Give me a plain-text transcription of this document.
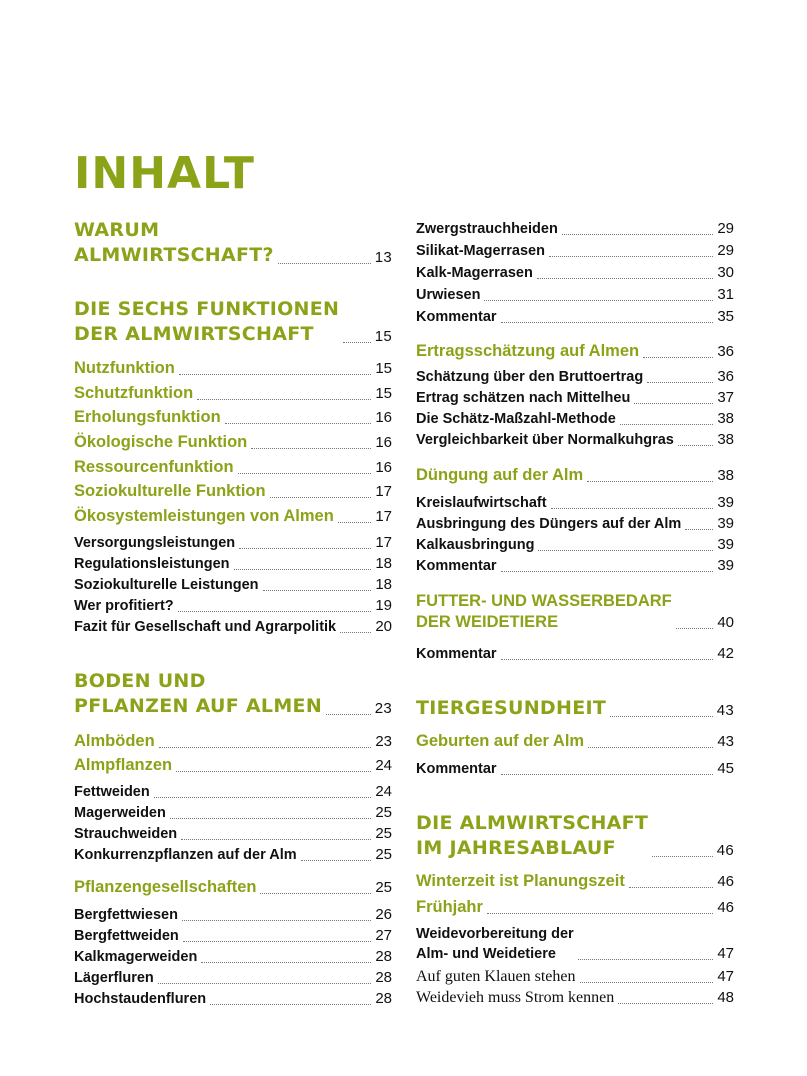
INHALT
WARUM
ALMWIRTSCHAFT?	13
DIE SECHS FUNKTIONEN
DER ALMWIRTSCHAFT	15
Nutzfunktion	15
Schutzfunktion	15
Erholungsfunktion	16
Ökologische Funktion	16
Ressourcenfunktion	16
Soziokulturelle Funktion	17
Ökosystemleistungen von Almen	17
Versorgungsleistungen	17
Regulationsleistungen	18
Soziokulturelle Leistungen	18
Wer profitiert?	19
Fazit für Gesellschaft und Agrarpolitik	20
BODEN UND
PFLANZEN AUF ALMEN	23
Almböden	23
Almpflanzen	24
Fettweiden	24
Magerweiden	25
Strauchweiden	25
Konkurrenzpflanzen auf der Alm	25
Pflanzengesellschaften	25
Bergfettwiesen	26
Bergfettweiden	27
Kalkmagerweiden	28
Lägerfluren	28
Hochstaudenfluren	28
Zwergstrauchheiden	29
Silikat-Magerrasen	29
Kalk-Magerrasen	30
Urwiesen	31
Kommentar	35
Ertragsschätzung auf Almen	36
Schätzung über den Bruttoertrag	36
Ertrag schätzen nach Mittelheu	37
Die Schätz-Maßzahl-Methode	38
Vergleichbarkeit über Normalkuhgras	38
Düngung auf der Alm	38
Kreislaufwirtschaft	39
Ausbringung des Düngers auf der Alm 39
Kalkausbringung	39
Kommentar	39
FUTTER- UND WASSERBEDARF
DER WEIDETIERE	40
Kommentar	42
TIERGESUNDHEIT	43
Geburten auf der Alm	43
Kommentar	45
DIE ALMWIRTSCHAFT
IM JAHRESABLAUF	46
Winterzeit ist Planungszeit	46
Frühjahr	46
Weidevorbereitung der
Alm- und Weidetiere	47
Auf guten Klauen stehen	47
Weidevieh muss Strom kennen	48
